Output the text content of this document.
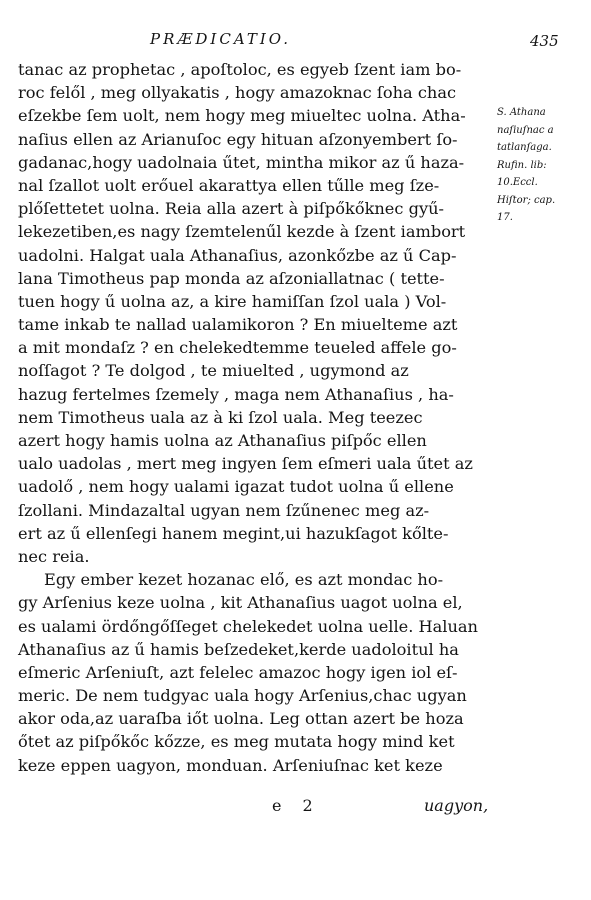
PRÆDICATIO.	435
tanac az prophetac , apoſtoloc, es egyeb ſzent iam bo-
roc felől , meg ollyakatis , hogy amazoknac ſoha chac
eſzekbe ſem uolt, nem hogy meg miueltec uolna. Atha-
naſius ellen az Arianuſoc egy hituan aſzonyembert ſo-
gadanac,hogy uadolnaia űtet, mintha mikor az ű haza-
nal ſzallot uolt erőuel akarattya ellen tűlle meg ſze-
plőſettetet uolna. Reia alla azert à piſpőkőknec gyű-
lekezetiben,es nagy ſzemtelenűl kezde à ſzent iambort
uadolni. Halgat uala Athanaſius, azonkőzbe az ű Cap-
lana Timotheus pap monda az aſzoniallatnac ( tette-
tuen hogy ű uolna az, a kire hamiſſan ſzol uala ) Vol-
tame inkab te nallad ualamikoron ? En miuelteme azt
a mit mondaſz ? en chelekedtemme teueled affele go-
noſſagot ? Te dolgod , te miuelted , ugymond az
hazug fertelmes ſzemely , maga nem Athanaſius , ha-
nem Timotheus uala az à ki ſzol uala. Meg teezec
azert hogy hamis uolna az Athanaſius piſpőc ellen
ualo uadolas , mert meg ingyen ſem eſmeri uala űtet az
uadolő , nem hogy ualami igazat tudot uolna ű ellene
ſzollani. Mindazaltal ugyan nem ſzűnenec meg az-
ert az ű ellenſegi hanem megint,ui hazukſagot kőlte-
nec reia.
Egy ember kezet hozanac elő, es azt mondac ho-
gy Arſenius keze uolna , kit Athanaſius uagot uolna el,
es ualami ördőngőſſeget chelekedet uolna uelle. Haluan
Athanaſius az ű hamis beſzedeket,kerde uadoloitul ha
eſmeric Arſeniuſt, azt felelec amazoc hogy igen iol eſ-
meric. De nem tudgyac uala hogy Arſenius,chac ugyan
akor oda,az uaraſba iőt uolna. Leg ottan azert be hoza
őtet az piſpőkőc kőzze, es meg mutata hogy mind ket
keze eppen uagyon, monduan. Arſeniuſnac ket keze
S. Athana
naſiuſnac a
tatlanſaga.
Rufin. lib:
10.Eccl.
Hiſtor; cap.
17.
e 2	uagyon,
